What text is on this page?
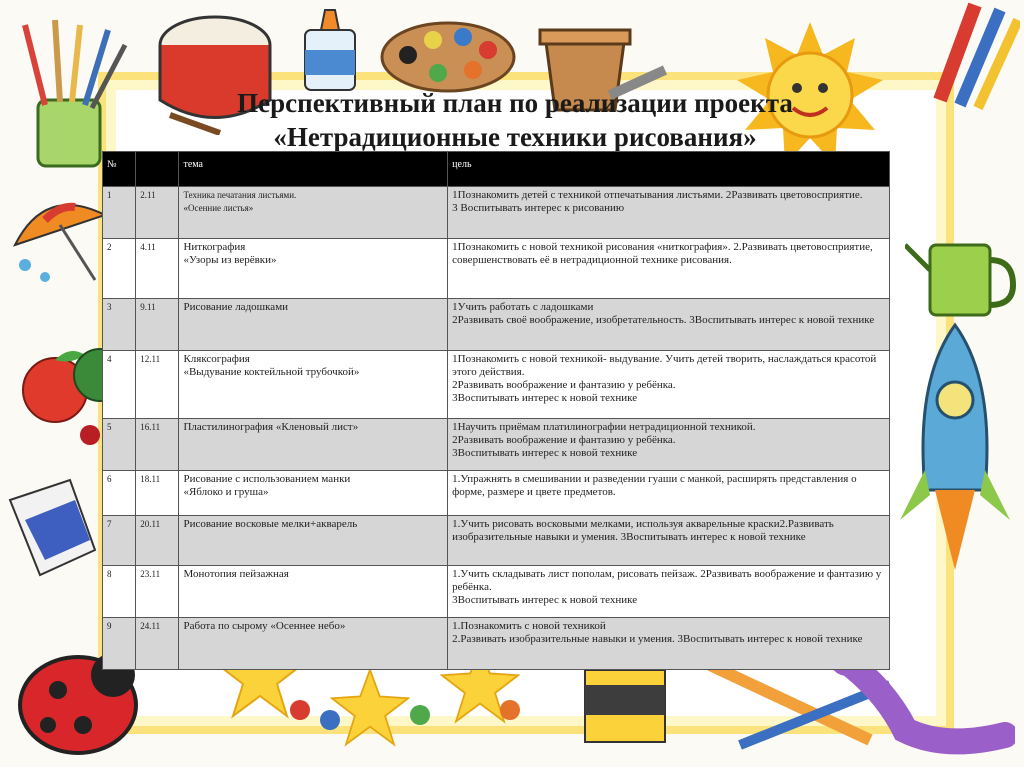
Перспективный план по реализации проекта
«Нетрадиционные техники рисования»
№		тема	цель
1	2.11	Техника печатания листьями.
«Осенние листья»	1Познакомить детей с техникой отпечатывания листьями. 2Развивать цветовосприятие.
3 Воспитывать интерес к рисованию
2	4.11	Ниткография
«Узоры из верёвки»	1Познакомить с новой техникой рисования «ниткография». 2.Развивать цветовосприятие, совершенствовать её в нетрадиционной технике рисования.
3	9.11	Рисование ладошками	1Учить работать с ладошками
2Развивать своё воображение, изобретательность. 3Воспитывать интерес к новой технике
4	12.11	Кляксография
«Выдувание коктейльной трубочкой»	1Познакомить с новой техникой- выдувание. Учить детей творить, наслаждаться красотой этого действия.
2Развивать воображение и фантазию у ребёнка.
3Воспитывать интерес к новой технике
5	16.11	Пластилинография «Кленовый лист»	1Научить приёмам платилинографии нетрадиционной техникой.
2Развивать воображение и фантазию у ребёнка.
3Воспитывать интерес к новой технике
6	18.11	Рисование с использованием манки
«Яблоко и груша»	1.Упражнять в смешивании и разведении гуаши с манкой, расширять представления о форме, размере и цвете предметов.
7	20.11	Рисование восковые мелки+акварель	1.Учить рисовать восковыми мелками, используя акварельные краски2.Развивать изобразительные навыки и умения. 3Воспитывать интерес к новой технике
8	23.11	Монотопия пейзажная	1.Учить складывать лист пополам, рисовать пейзаж. 2Развивать воображение и фантазию у ребёнка.
3Воспитывать интерес к новой технике
9	24.11	Работа по сырому «Осеннее небо»	1.Познакомить с новой техникой
2.Развивать изобразительные навыки и умения. 3Воспитывать интерес к новой технике
